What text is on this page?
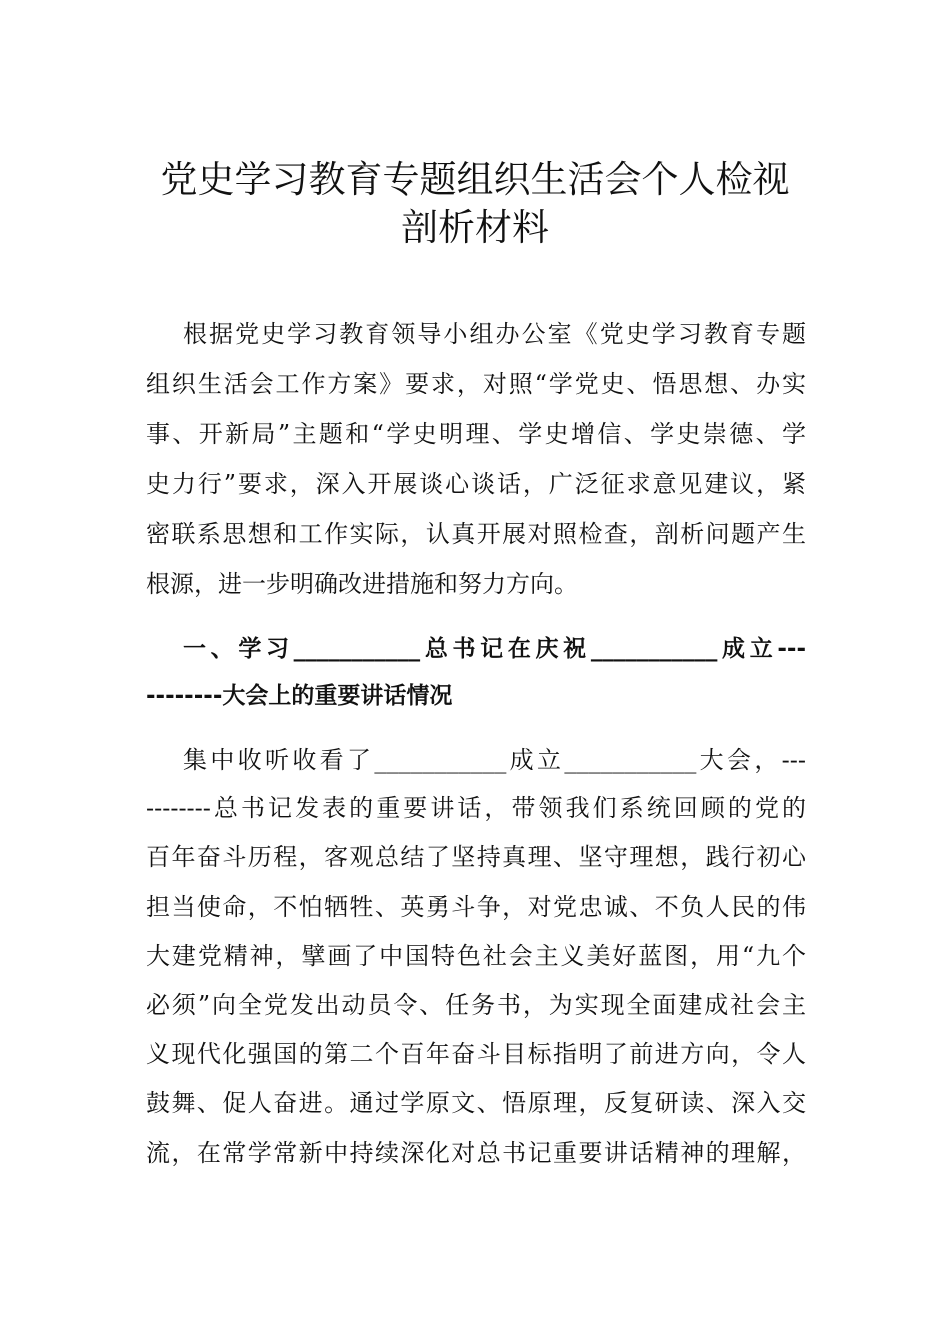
党史学习教育专题组织生活会个人检视
剖析材料
根据党史学习教育领导小组办公室《党史学习教育专题
组织生活会工作方案》要求，对照“学党史、悟思想、办实
事、开新局”主题和“学史明理、学史增信、学史崇德、学
史力行”要求，深入开展谈心谈话，广泛征求意见建议，紧
密联系思想和工作实际，认真开展对照检查，剖析问题产生
根源，进一步明确改进措施和努力方向。
一、学习___________总书记在庆祝___________成立---
--------大会上的重要讲话情况
集中收听收看了___________成立___________大会，---
--------总书记发表的重要讲话，带领我们系统回顾的党的
百年奋斗历程，客观总结了坚持真理、坚守理想，践行初心
担当使命，不怕牺牲、英勇斗争，对党忠诚、不负人民的伟
大建党精神，擘画了中国特色社会主义美好蓝图，用“九个
必须”向全党发出动员令、任务书，为实现全面建成社会主
义现代化强国的第二个百年奋斗目标指明了前进方向，令人
鼓舞、促人奋进。通过学原文、悟原理，反复研读、深入交
流，在常学常新中持续深化对总书记重要讲话精神的理解，
